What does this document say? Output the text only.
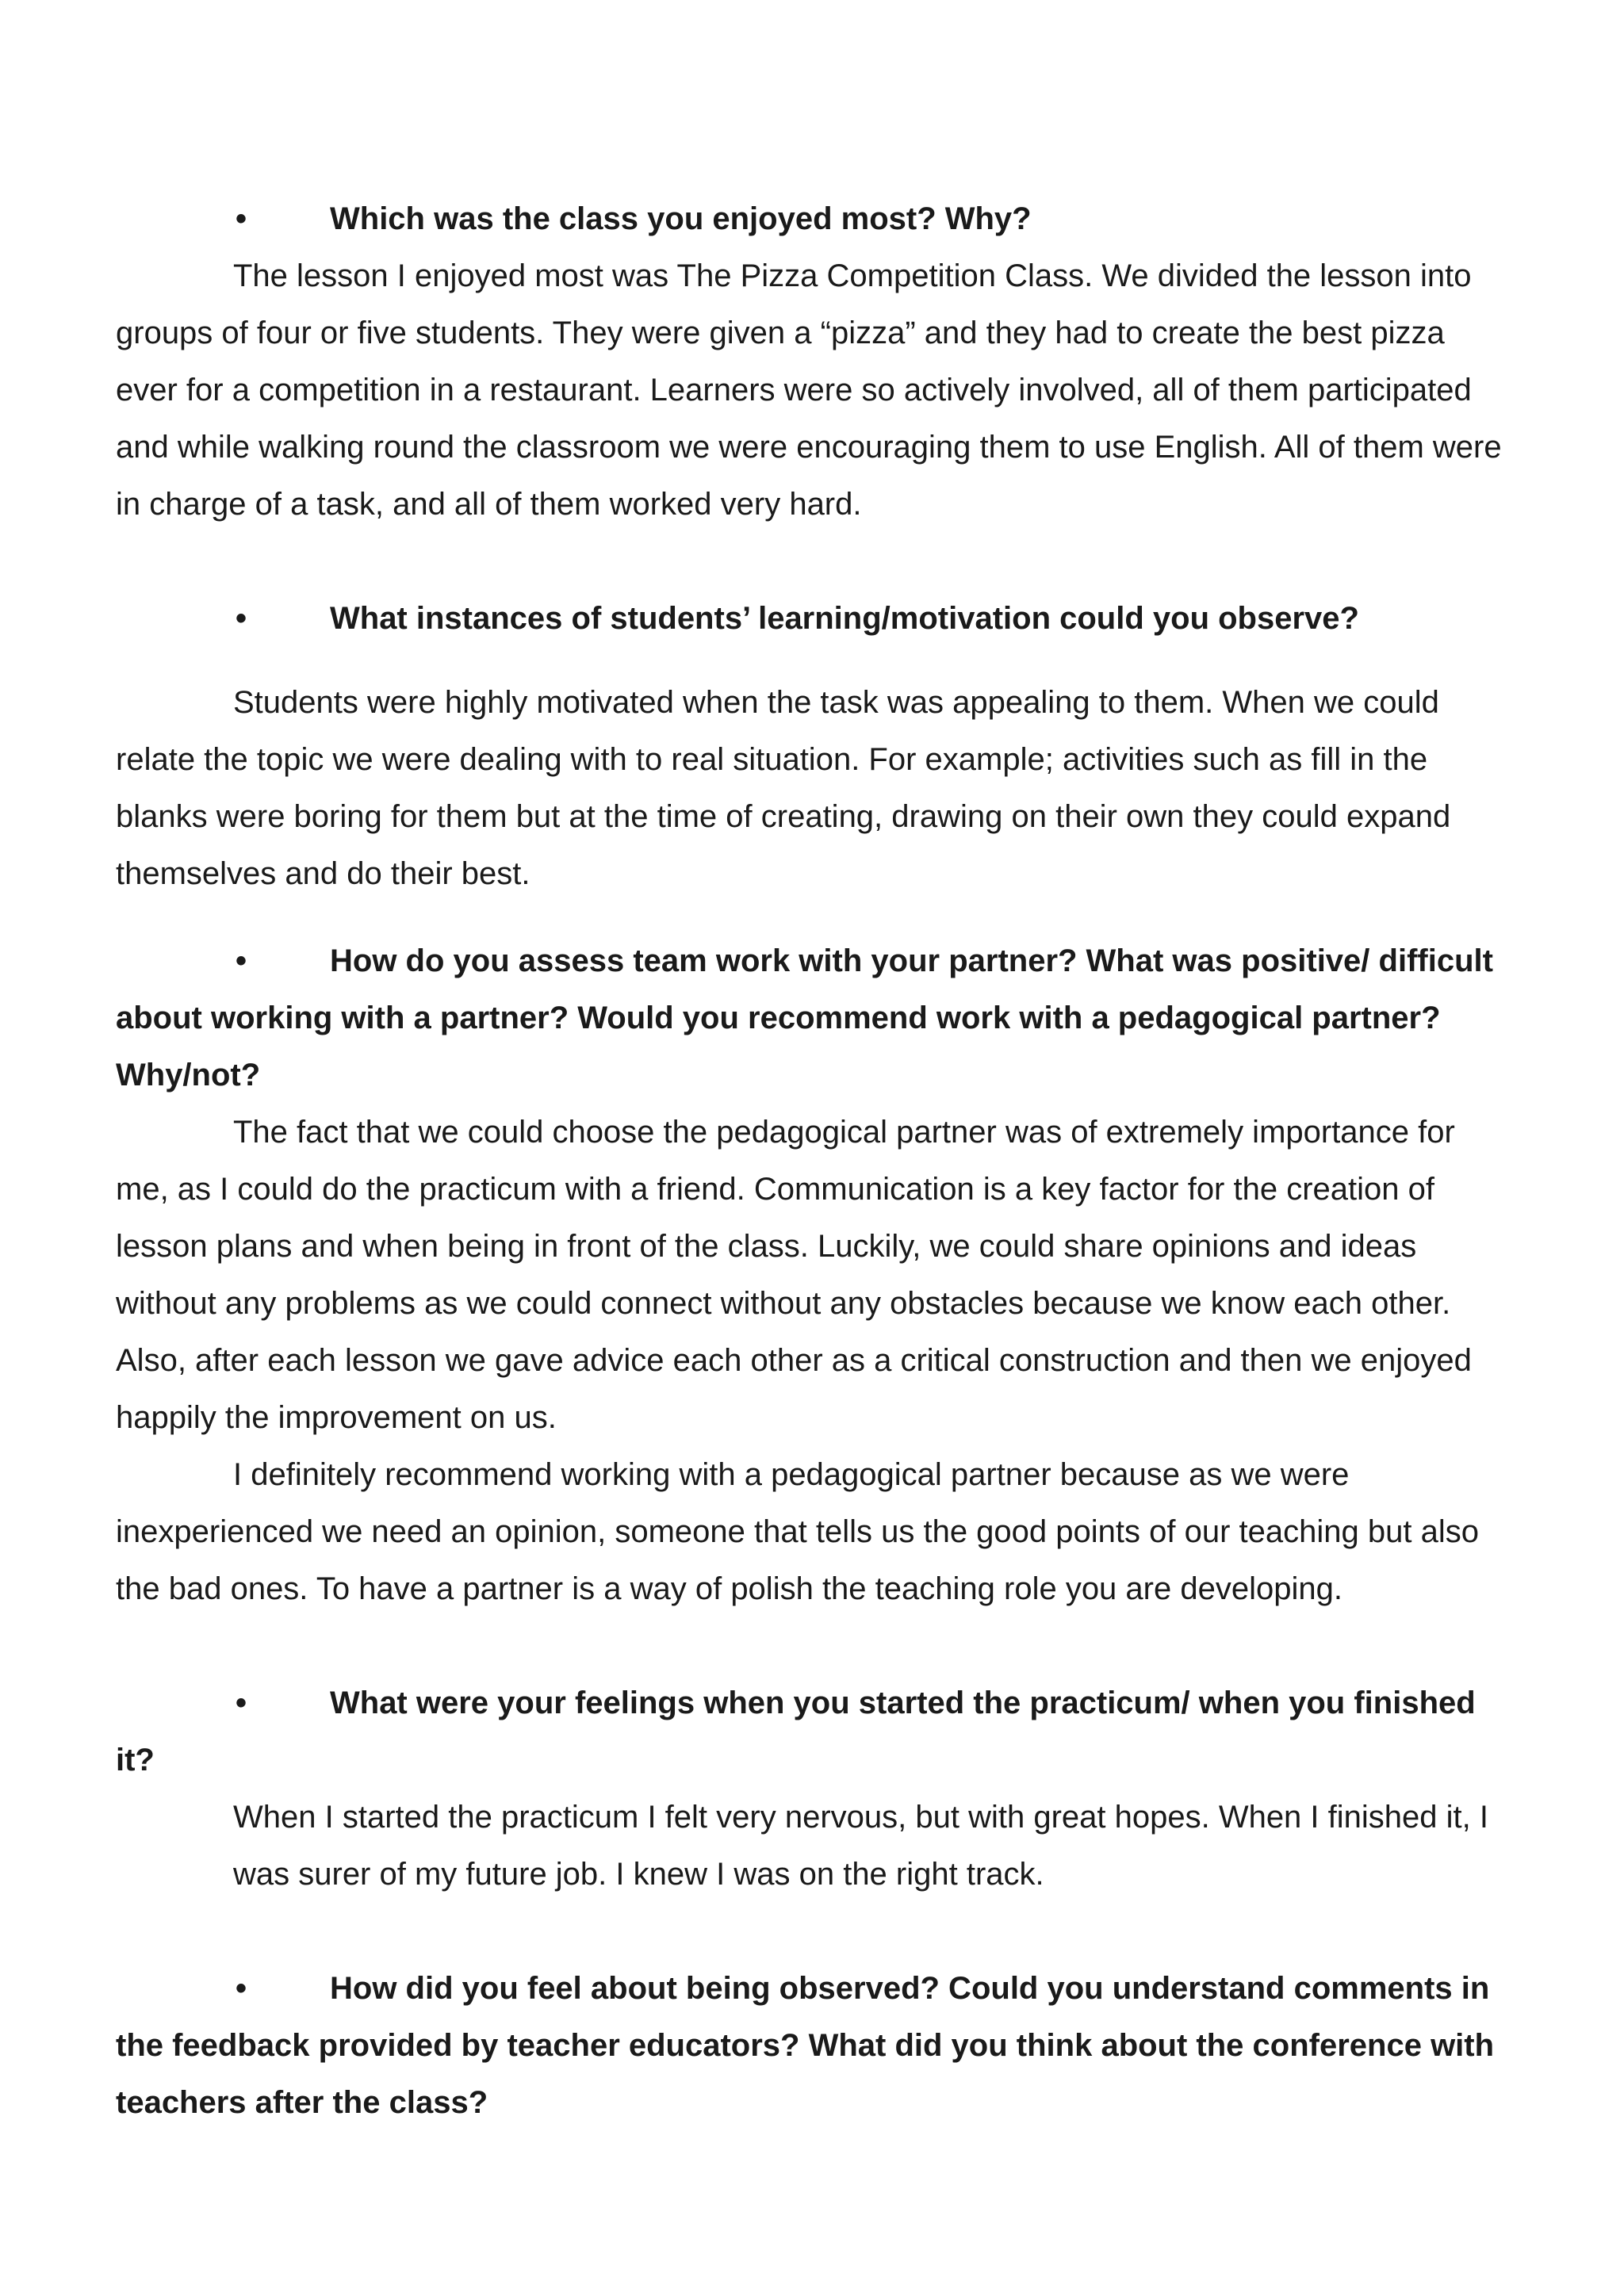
•	Which was the class you enjoyed most? Why?

The lesson I enjoyed most was The Pizza Competition Class. We divided the lesson into groups of four or five students. They were given a “pizza” and they had to create the best pizza ever for a competition in a restaurant. Learners were so actively involved, all of them participated and while walking round the classroom we were encouraging them to use English. All of them were in charge of a task, and all of them worked very hard.

•	What instances of students’ learning/motivation could you observe?

Students were highly motivated when the task was appealing to them. When we could relate the topic we were dealing with to real situation. For example; activities such as fill in the blanks were boring for them but at the time of creating, drawing on their own they could expand themselves and do their best.

•	How do you assess team work with your partner? What was positive/ difficult about working with a partner? Would you recommend work with a pedagogical partner? Why/not?

The fact that we could choose the pedagogical partner was of extremely importance for me, as I could do the practicum with a friend. Communication is a key factor for the creation of lesson plans and when being in front of the class. Luckily, we could share opinions and ideas without any problems as we could connect without any obstacles because we know each other. Also, after each lesson we gave advice each other as a critical construction and then we enjoyed happily the improvement on us.

I definitely recommend working with a pedagogical partner because as we were inexperienced we need an opinion, someone that tells us the good points of our teaching but also the bad ones. To have a partner is a way of polish the teaching role you are developing.

•	What were your feelings when you started the practicum/ when you finished it?

When I started the practicum I felt very nervous, but with great hopes. When I finished it, I was surer of my future job. I knew I was on the right track.

•	How did you feel about being observed? Could you understand comments in the feedback provided by teacher educators? What did you think about the conference with teachers after the class?
